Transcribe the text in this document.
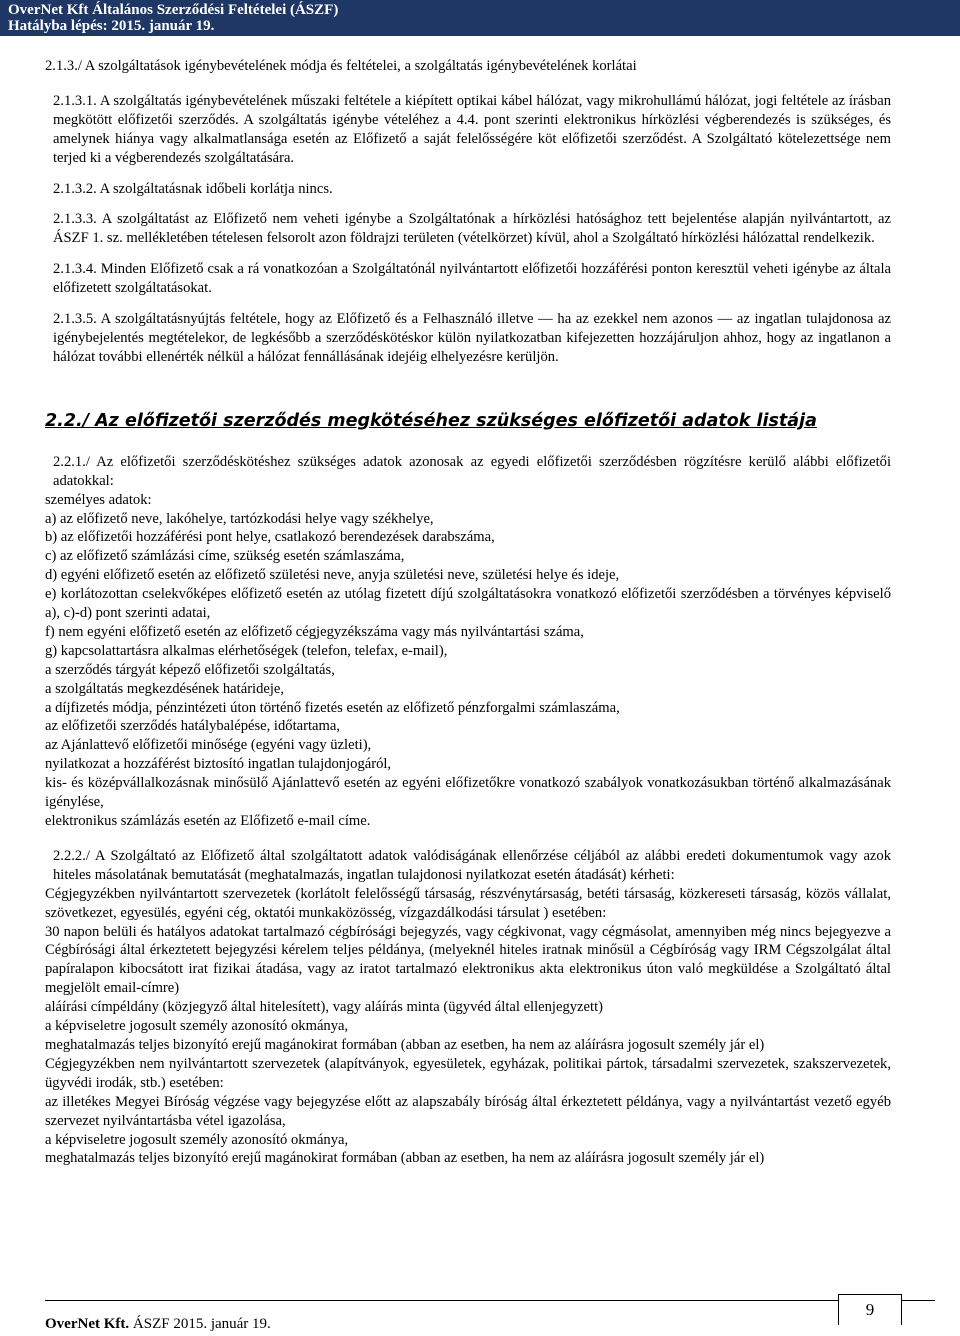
OverNet Kft Általános Szerződési Feltételei (ÁSZF)
Hatályba lépés: 2015. január 19.

2.1.3./ A szolgáltatások igénybevételének módja és feltételei, a szolgáltatás igénybevételének korlátai

2.1.3.1. A szolgáltatás igénybevételének műszaki feltétele a kiépített optikai kábel hálózat, vagy mikrohullámú hálózat, jogi feltétele az írásban megkötött előfizetői szerződés. A szolgáltatás igénybe vételéhez a 4.4. pont szerinti elektronikus hírközlési végberendezés is szükséges, és amelynek hiánya vagy alkalmatlansága esetén az Előfizető a saját felelősségére köt előfizetői szerződést. A Szolgáltató kötelezettsége nem terjed ki a végberendezés szolgáltatására.

2.1.3.2. A szolgáltatásnak időbeli korlátja nincs.

2.1.3.3. A szolgáltatást az Előfizető nem veheti igénybe a Szolgáltatónak a hírközlési hatósághoz tett bejelentése alapján nyilvántartott, az ÁSZF 1. sz. mellékletében tételesen felsorolt azon földrajzi területen (vételkörzet) kívül, ahol a Szolgáltató hírközlési hálózattal rendelkezik.

2.1.3.4. Minden Előfizető csak a rá vonatkozóan a Szolgáltatónál nyilvántartott előfizetői hozzáférési ponton keresztül veheti igénybe az általa előfizetett szolgáltatásokat.

2.1.3.5. A szolgáltatásnyújtás feltétele, hogy az Előfizető és a Felhasználó illetve — ha az ezekkel nem azonos — az ingatlan tulajdonosa az igénybejelentés megtételekor, de legkésőbb a szerződéskötéskor külön nyilatkozatban kifejezetten hozzájáruljon ahhoz, hogy az ingatlanon a hálózat további ellenérték nélkül a hálózat fennállásának idejéig elhelyezésre kerüljön.

2.2./ Az előfizetői szerződés megkötéséhez szükséges előfizetői adatok listája

2.2.1./ Az előfizetői szerződéskötéshez szükséges adatok azonosak az egyedi előfizetői szerződésben rögzítésre kerülő alábbi előfizetői adatokkal:

személyes adatok:

a) az előfizető neve, lakóhelye, tartózkodási helye vagy székhelye,

b) az előfizetői hozzáférési pont helye, csatlakozó berendezések darabszáma,

c) az előfizető számlázási címe, szükség esetén számlaszáma,

d) egyéni előfizető esetén az előfizető születési neve, anyja születési neve, születési helye és ideje,

e) korlátozottan cselekvőképes előfizető esetén az utólag fizetett díjú szolgáltatásokra vonatkozó előfizetői szerződésben a törvényes képviselő a), c)-d) pont szerinti adatai,

f) nem egyéni előfizető esetén az előfizető cégjegyzékszáma vagy más nyilvántartási száma,

g) kapcsolattartásra alkalmas elérhetőségek (telefon, telefax, e-mail),

a szerződés tárgyát képező előfizetői szolgáltatás,

a szolgáltatás megkezdésének határideje,

a díjfizetés módja, pénzintézeti úton történő fizetés esetén az előfizető pénzforgalmi számlaszáma,

az előfizetői szerződés hatálybalépése, időtartama,

az Ajánlattevő előfizetői minősége (egyéni vagy üzleti),

nyilatkozat a hozzáférést biztosító ingatlan tulajdonjogáról,

kis- és középvállalkozásnak minősülő Ajánlattevő esetén az egyéni előfizetőkre vonatkozó szabályok vonatkozásukban történő alkalmazásának igénylése,

elektronikus számlázás esetén az Előfizető e-mail címe.

2.2.2./ A Szolgáltató az Előfizető által szolgáltatott adatok valódiságának ellenőrzése céljából az alábbi eredeti dokumentumok vagy azok hiteles másolatának bemutatását (meghatalmazás, ingatlan tulajdonosi nyilatkozat esetén átadását) kérheti:

Cégjegyzékben nyilvántartott szervezetek (korlátolt felelősségű társaság, részvénytársaság, betéti társaság, közkereseti társaság, közös vállalat, szövetkezet, egyesülés, egyéni cég, oktatói munkaközösség, vízgazdálkodási társulat ) esetében:

30 napon belüli és hatályos adatokat tartalmazó cégbírósági bejegyzés, vagy cégkivonat, vagy cégmásolat, amennyiben még nincs bejegyezve a Cégbírósági által érkeztetett bejegyzési kérelem teljes példánya, (melyeknél hiteles iratnak minősül a Cégbíróság vagy IRM Cégszolgálat által papíralapon kibocsátott irat fizikai átadása, vagy az iratot tartalmazó elektronikus akta elektronikus úton való megküldése a Szolgáltató által megjelölt email-címre)

aláírási címpéldány (közjegyző által hitelesített), vagy aláírás minta (ügyvéd által ellenjegyzett)

a képviseletre jogosult személy azonosító okmánya,

meghatalmazás teljes bizonyító erejű magánokirat formában (abban az esetben, ha nem az aláírásra jogosult személy jár el)

Cégjegyzékben nem nyilvántartott szervezetek (alapítványok, egyesületek, egyházak, politikai pártok, társadalmi szervezetek, szakszervezetek, ügyvédi irodák, stb.) esetében:

az illetékes Megyei Bíróság végzése vagy bejegyzése előtt az alapszabály bíróság által érkeztetett példánya, vagy a nyilvántartást vezető egyéb szervezet nyilvántartásba vétel igazolása,

a képviseletre jogosult személy azonosító okmánya,

meghatalmazás teljes bizonyító erejű magánokirat formában (abban az esetben, ha nem az aláírásra jogosult személy jár el)

9
OverNet Kft. ÁSZF 2015. január 19.
